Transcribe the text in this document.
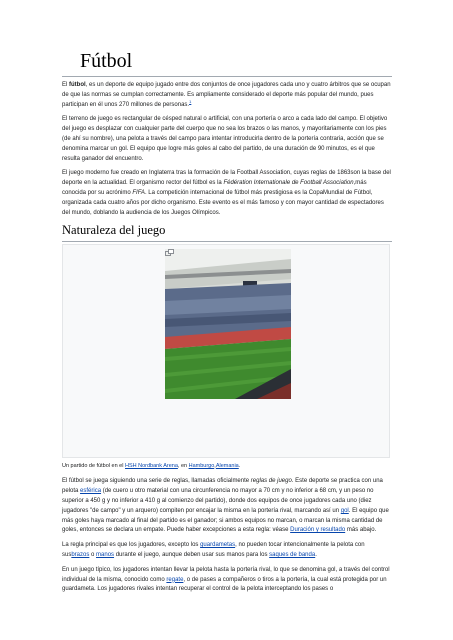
Fútbol

El fútbol, es un deporte de equipo jugado entre dos conjuntos de once jugadores cada uno y cuatro árbitros que se ocupan de que las normas se cumplan correctamente. Es ampliamente considerado el deporte más popular del mundo, pues participan en él unos 270 millones de personas.$^1$

El terreno de juego es rectangular de césped natural o artificial, con una portería o arco a cada lado del campo. El objetivo del juego es desplazar con cualquier parte del cuerpo que no sea los brazos o las manos, y mayoritariamente con los pies (de ahí su nombre), una pelota a través del campo para intentar introducirla dentro de la portería contraria, acción que se denomina marcar un gol. El equipo que logre más goles al cabo del partido, de una duración de 90 minutos, es el que resulta ganador del encuentro.

El juego moderno fue creado en Inglaterra tras la formación de la Football Association, cuyas reglas de 1863son la base del deporte en la actualidad. El organismo rector del fútbol es la Fédération Internationale de Football Association,más conocida por su acrónimo FIFA. La competición internacional de fútbol más prestigiosa es la CopaMundial de Fútbol, organizada cada cuatro años por dicho organismo. Este evento es el más famoso y con mayor cantidad de espectadores del mundo, doblando la audiencia de los Juegos Olímpicos.

Naturaleza del juego
Un partido de fútbol en el HSH Nordbank Arena, en Hamburgo,Alemania.

El fútbol se juega siguiendo una serie de reglas, llamadas oficialmente reglas de juego. Este deporte se practica con una pelota esférica (de cuero u otro material con una circunferencia no mayor a 70 cm y no inferior a 68 cm, y un peso no superior a 450 g y no inferior a 410 g al comienzo del partido), donde dos equipos de once jugadores cada uno (diez jugadores "de campo" y un arquero) compiten por encajar la misma en la portería rival, marcando así un gol. El equipo que más goles haya marcado al final del partido es el ganador; si ambos equipos no marcan, o marcan la misma cantidad de goles, entonces se declara un empate. Puede haber excepciones a esta regla: véase Duración y resultado más abajo.

La regla principal es que los jugadores, excepto los guardametas, no pueden tocar intencionalmente la pelota con susbrazos o manos durante el juego, aunque deben usar sus manos para los saques de banda.

En un juego típico, los jugadores intentan llevar la pelota hasta la portería rival, lo que se denomina gol, a través del control individual de la misma, conocido como regate, o de pases a compañeros o tiros a la portería, la cual está protegida por un guardameta. Los jugadores rivales intentan recuperar el control de la pelota interceptando los pases o
